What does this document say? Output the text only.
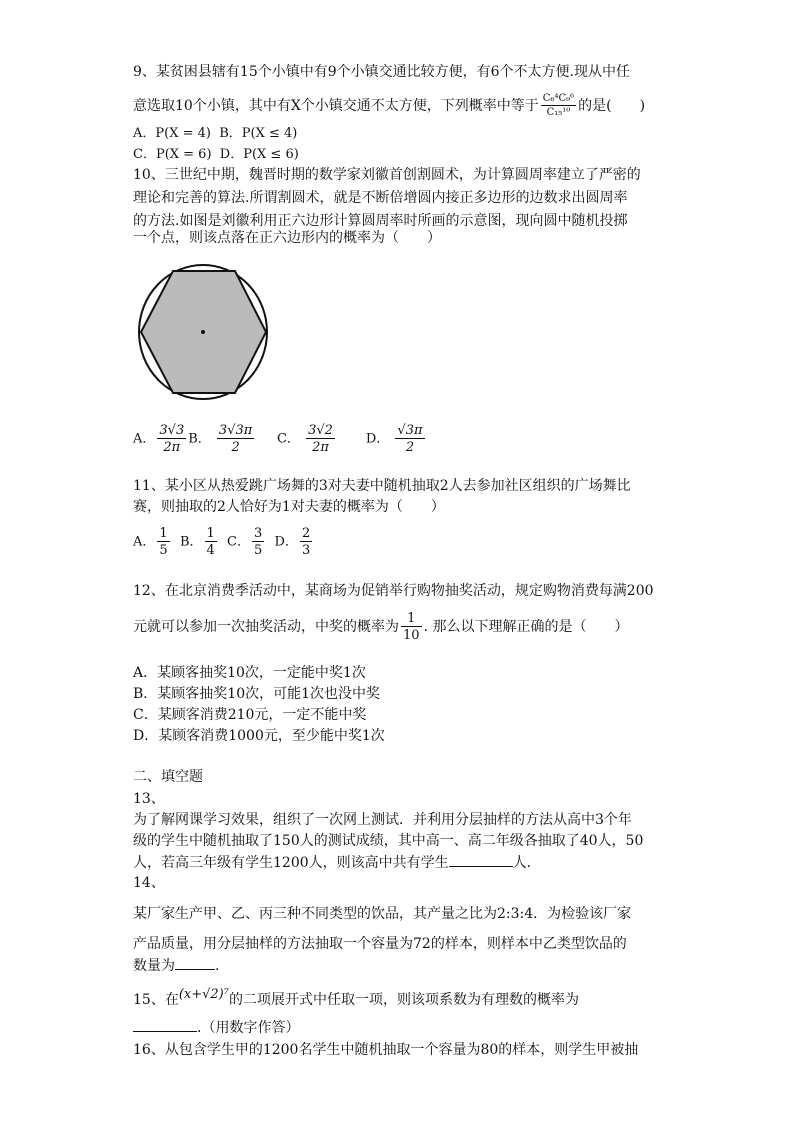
9、某贫困县辖有15个小镇中有9个小镇交通比较方便，有6个不太方便.现从中任
意选取10个小镇，其中有X个小镇交通不太方便，下列概率中等于 $\frac{\text{C₆⁴C₉⁶}}{\text{C₁₅¹⁰}}$ 的是(　　)
A．P(X = 4) B．P(X ≤ 4)
C．P(X = 6) D．P(X ≤ 6)
10、三世纪中期，魏晋时期的数学家刘徽首创割圆术，为计算圆周率建立了严密的
理论和完善的算法.所谓割圆术，就是不断倍增圆内接正多边形的边数求出圆周率
的方法.如图是刘徽利用正六边形计算圆周率时所画的示意图，现向圆中随机投掷
一个点，则该点落在正六边形内的概率为（　　）
A． $\frac{3√3}{2\pi}$ B． $\frac{3√3\pi}{2}$ C． $\frac{3√2}{2\pi}$ D． $\frac{√3\pi}{2}$
11、某小区从热爱跳广场舞的3对夫妻中随机抽取2人去参加社区组织的广场舞比
赛，则抽取的2人恰好为1对夫妻的概率为（　　）
A． $\frac{1}{5}$ B． $\frac{1}{4}$ C． $\frac{3}{5}$ D． $\frac{2}{3}$
12、在北京消费季活动中，某商场为促销举行购物抽奖活动，规定购物消费每满200
元就可以参加一次抽奖活动，中奖的概率为 $\frac{1}{10}$ . 那么以下理解正确的是（　　）
A．某顾客抽奖10次，一定能中奖1次
B．某顾客抽奖10次，可能1次也没中奖
C．某顾客消费210元，一定不能中奖
D．某顾客消费1000元，至少能中奖1次
二、填空题
13、
为了解网课学习效果，组织了一次网上测试．并利用分层抽样的方法从高中3个年
级的学生中随机抽取了150人的测试成绩，其中高一、高二年级各抽取了40人，50
人，若高三年级有学生1200人，则该高中共有学生	人．
14、
某厂家生产甲、乙、丙三种不同类型的饮品，其产量之比为2:3:4．为检验该厂家
产品质量，用分层抽样的方法抽取一个容量为72的样本，则样本中乙类型饮品的
数量为	.
15、在(x+√2)⁷的二项展开式中任取一项，则该项系数为有理数的概率为
.（用数字作答）
16、从包含学生甲的1200名学生中随机抽取一个容量为80的样本，则学生甲被抽
